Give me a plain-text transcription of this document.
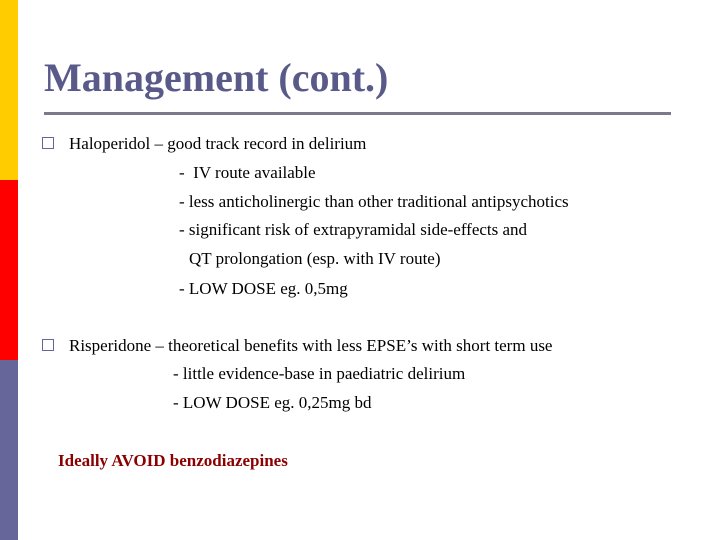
Management (cont.)
Haloperidol – good track record in delirium
-  IV route available
- less anticholinergic than other traditional antipsychotics
- significant risk of extrapyramidal side-effects and
QT prolongation (esp. with IV route)
- LOW DOSE eg. 0,5mg
Risperidone – theoretical benefits with less EPSE’s with short term use
- little evidence-base in paediatric delirium
- LOW DOSE eg. 0,25mg bd
Ideally AVOID benzodiazepines
